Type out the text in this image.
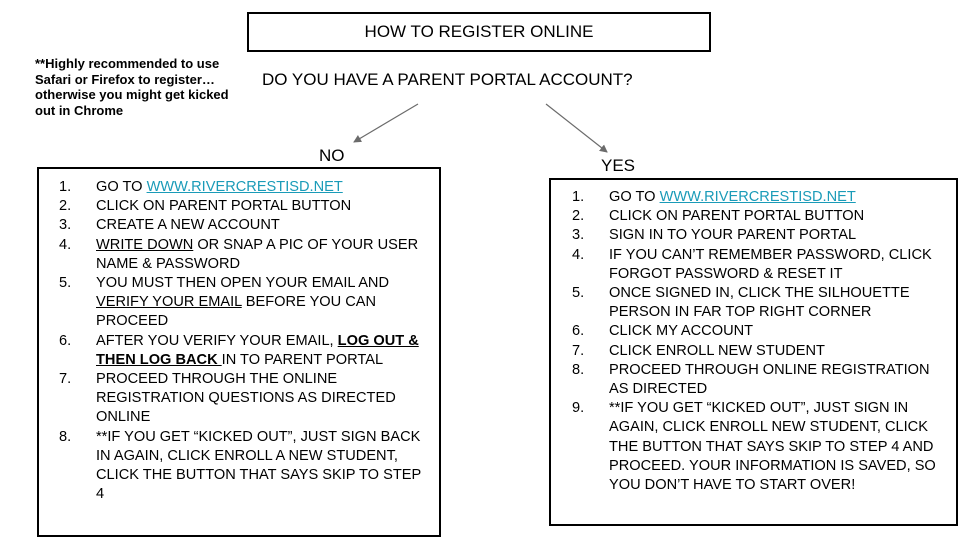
HOW TO REGISTER ONLINE
**Highly recommended to use Safari or Firefox to register…otherwise you might get kicked out in Chrome
DO YOU HAVE A PARENT PORTAL ACCOUNT?
NO
YES
1.	GO TO WWW.RIVERCRESTISD.NET
2.	CLICK ON PARENT PORTAL BUTTON
3.	CREATE A NEW ACCOUNT
4.	WRITE DOWN OR SNAP A PIC OF YOUR USER NAME & PASSWORD
5.	YOU MUST THEN OPEN YOUR EMAIL AND VERIFY YOUR EMAIL BEFORE YOU CAN PROCEED
6.	AFTER YOU VERIFY YOUR EMAIL, LOG OUT & THEN LOG BACK IN TO PARENT PORTAL
7.	PROCEED THROUGH THE ONLINE REGISTRATION QUESTIONS AS DIRECTED ONLINE
8.	**IF YOU GET “KICKED OUT”, JUST SIGN BACK IN AGAIN, CLICK ENROLL A NEW STUDENT, CLICK THE BUTTON THAT SAYS SKIP TO STEP 4
1.	GO TO WWW.RIVERCRESTISD.NET
2.	CLICK ON PARENT PORTAL BUTTON
3.	SIGN IN TO YOUR PARENT PORTAL
4.	IF YOU CAN’T REMEMBER PASSWORD, CLICK FORGOT PASSWORD & RESET IT
5.	ONCE SIGNED IN, CLICK THE SILHOUETTE PERSON IN FAR TOP RIGHT CORNER
6.	CLICK MY ACCOUNT
7.	CLICK ENROLL NEW STUDENT
8.	PROCEED THROUGH ONLINE REGISTRATION AS DIRECTED
9.	**IF YOU GET “KICKED OUT”, JUST SIGN IN AGAIN, CLICK ENROLL NEW STUDENT, CLICK THE BUTTON THAT SAYS SKIP TO STEP 4 AND PROCEED. YOUR INFORMATION IS SAVED, SO YOU DON’T HAVE TO START OVER!
